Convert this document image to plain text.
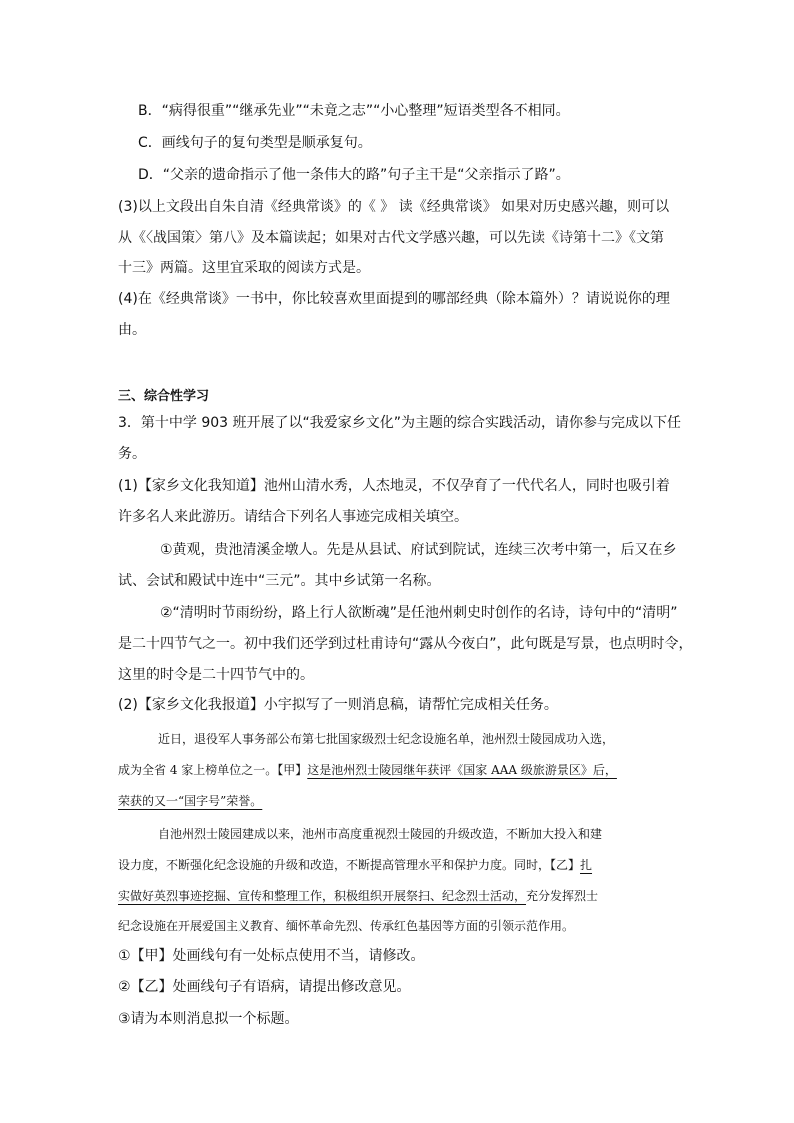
B．“病得很重”“继承先业”“未竟之志”“小心整理”短语类型各不相同。
C．画线句子的复句类型是顺承复句。
D．“父亲的遗命指示了他一条伟大的路”句子主干是“父亲指示了路”。
(3)以上文段出自朱自清《经典常谈》的《 》 读《经典常谈》 如果对历史感兴趣，则可以
从《〈战国策〉第八》及本篇读起；如果对古代文学感兴趣，可以先读《诗第十二》《文第
十三》两篇。这里宜采取的阅读方式是。
(4)在《经典常谈》一书中，你比较喜欢里面提到的哪部经典（除本篇外）？请说说你的理
由。
三、综合性学习
3．第十中学 903 班开展了以“我爱家乡文化”为主题的综合实践活动，请你参与完成以下任
务。
(1)【家乡文化我知道】池州山清水秀，人杰地灵，不仅孕育了一代代名人，同时也吸引着
许多名人来此游历。请结合下列名人事迹完成相关填空。
①黄观，贵池清溪金墩人。先是从县试、府试到院试，连续三次考中第一，后又在乡
试、会试和殿试中连中“三元”。其中乡试第一名称。
②“清明时节雨纷纷，路上行人欲断魂”是任池州刺史时创作的名诗，诗句中的“清明”
是二十四节气之一。初中我们还学到过杜甫诗句“露从今夜白”，此句既是写景，也点明时令，
这里的时令是二十四节气中的。
(2)【家乡文化我报道】小宇拟写了一则消息稿，请帮忙完成相关任务。
近日，退役军人事务部公布第七批国家级烈士纪念设施名单，池州烈士陵园成功入选，
成为全省 4 家上榜单位之一。【甲】这是池州烈士陵园继年获评《国家 AAA 级旅游景区》后，
荣获的又一“国字号”荣誉。
自池州烈士陵园建成以来，池州市高度重视烈士陵园的升级改造，不断加大投入和建
设力度，不断强化纪念设施的升级和改造，不断提高管理水平和保护力度。同时，【乙】扎
实做好英烈事迹挖掘、宣传和整理工作，积极组织开展祭扫、纪念烈士活动，充分发挥烈士
纪念设施在开展爱国主义教育、缅怀革命先烈、传承红色基因等方面的引领示范作用。
①【甲】处画线句有一处标点使用不当，请修改。
②【乙】处画线句子有语病，请提出修改意见。
③请为本则消息拟一个标题。
